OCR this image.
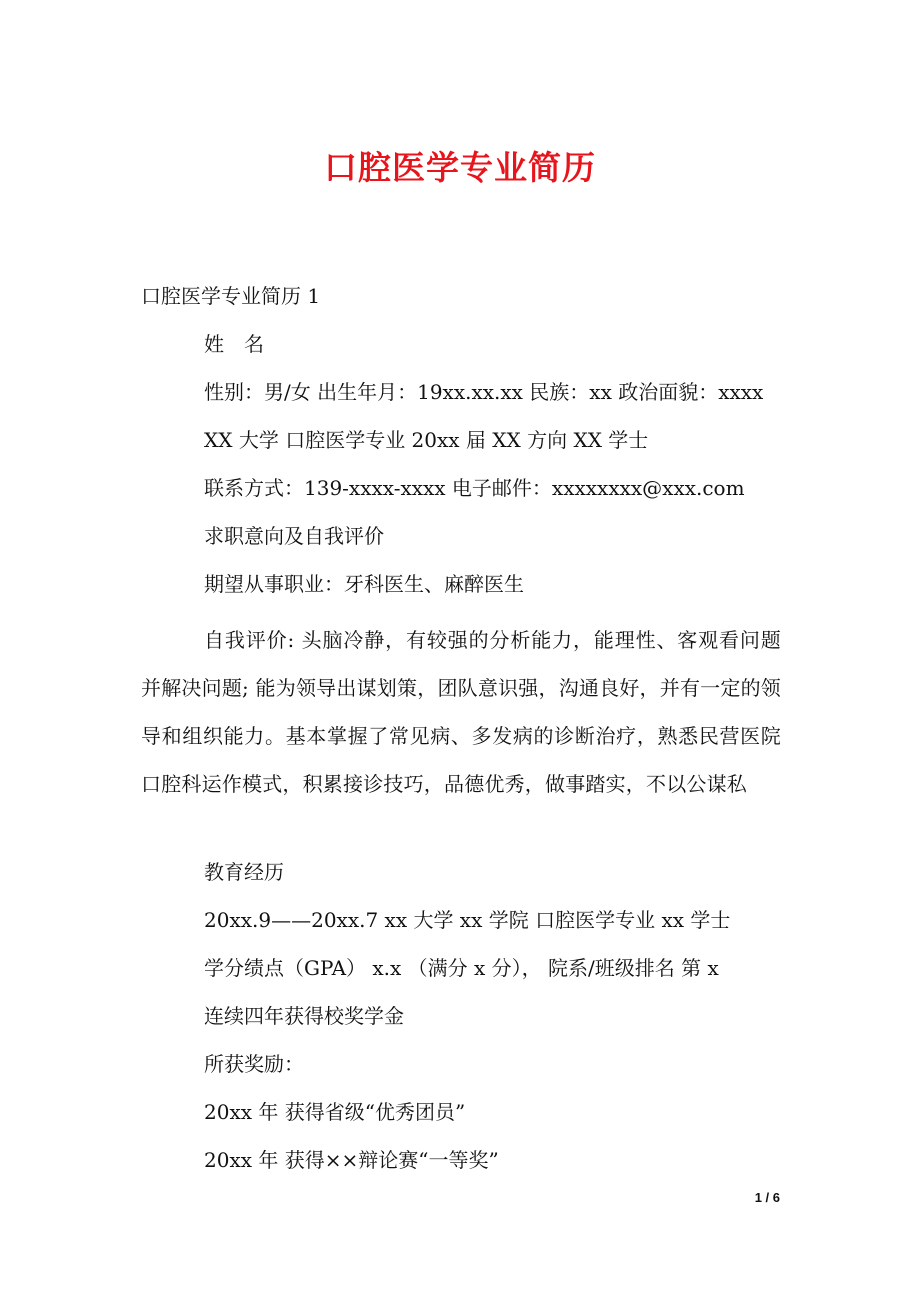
口腔医学专业简历
口腔医学专业简历 1
姓　名
性别：男/女 出生年月：19xx.xx.xx 民族：xx 政治面貌：xxxx
XX 大学 口腔医学专业 20xx 届 XX 方向 XX 学士
联系方式：139-xxxx-xxxx 电子邮件：xxxxxxxx@xxx.com
求职意向及自我评价
期望从事职业：牙科医生、麻醉医生
自我评价: 头脑冷静，有较强的分析能力，能理性、客观看问题并解决问题; 能为领导出谋划策，团队意识强，沟通良好，并有一定的领导和组织能力。基本掌握了常见病、多发病的诊断治疗，熟悉民营医院口腔科运作模式，积累接诊技巧，品德优秀，做事踏实，不以公谋私
教育经历
20xx.9——20xx.7 xx 大学 xx 学院 口腔医学专业 xx 学士
学分绩点（GPA） x.x （满分 x 分）， 院系/班级排名 第 x
连续四年获得校奖学金
所获奖励：
20xx 年 获得省级“优秀团员”
20xx 年 获得××辩论赛“一等奖”
1 / 6
